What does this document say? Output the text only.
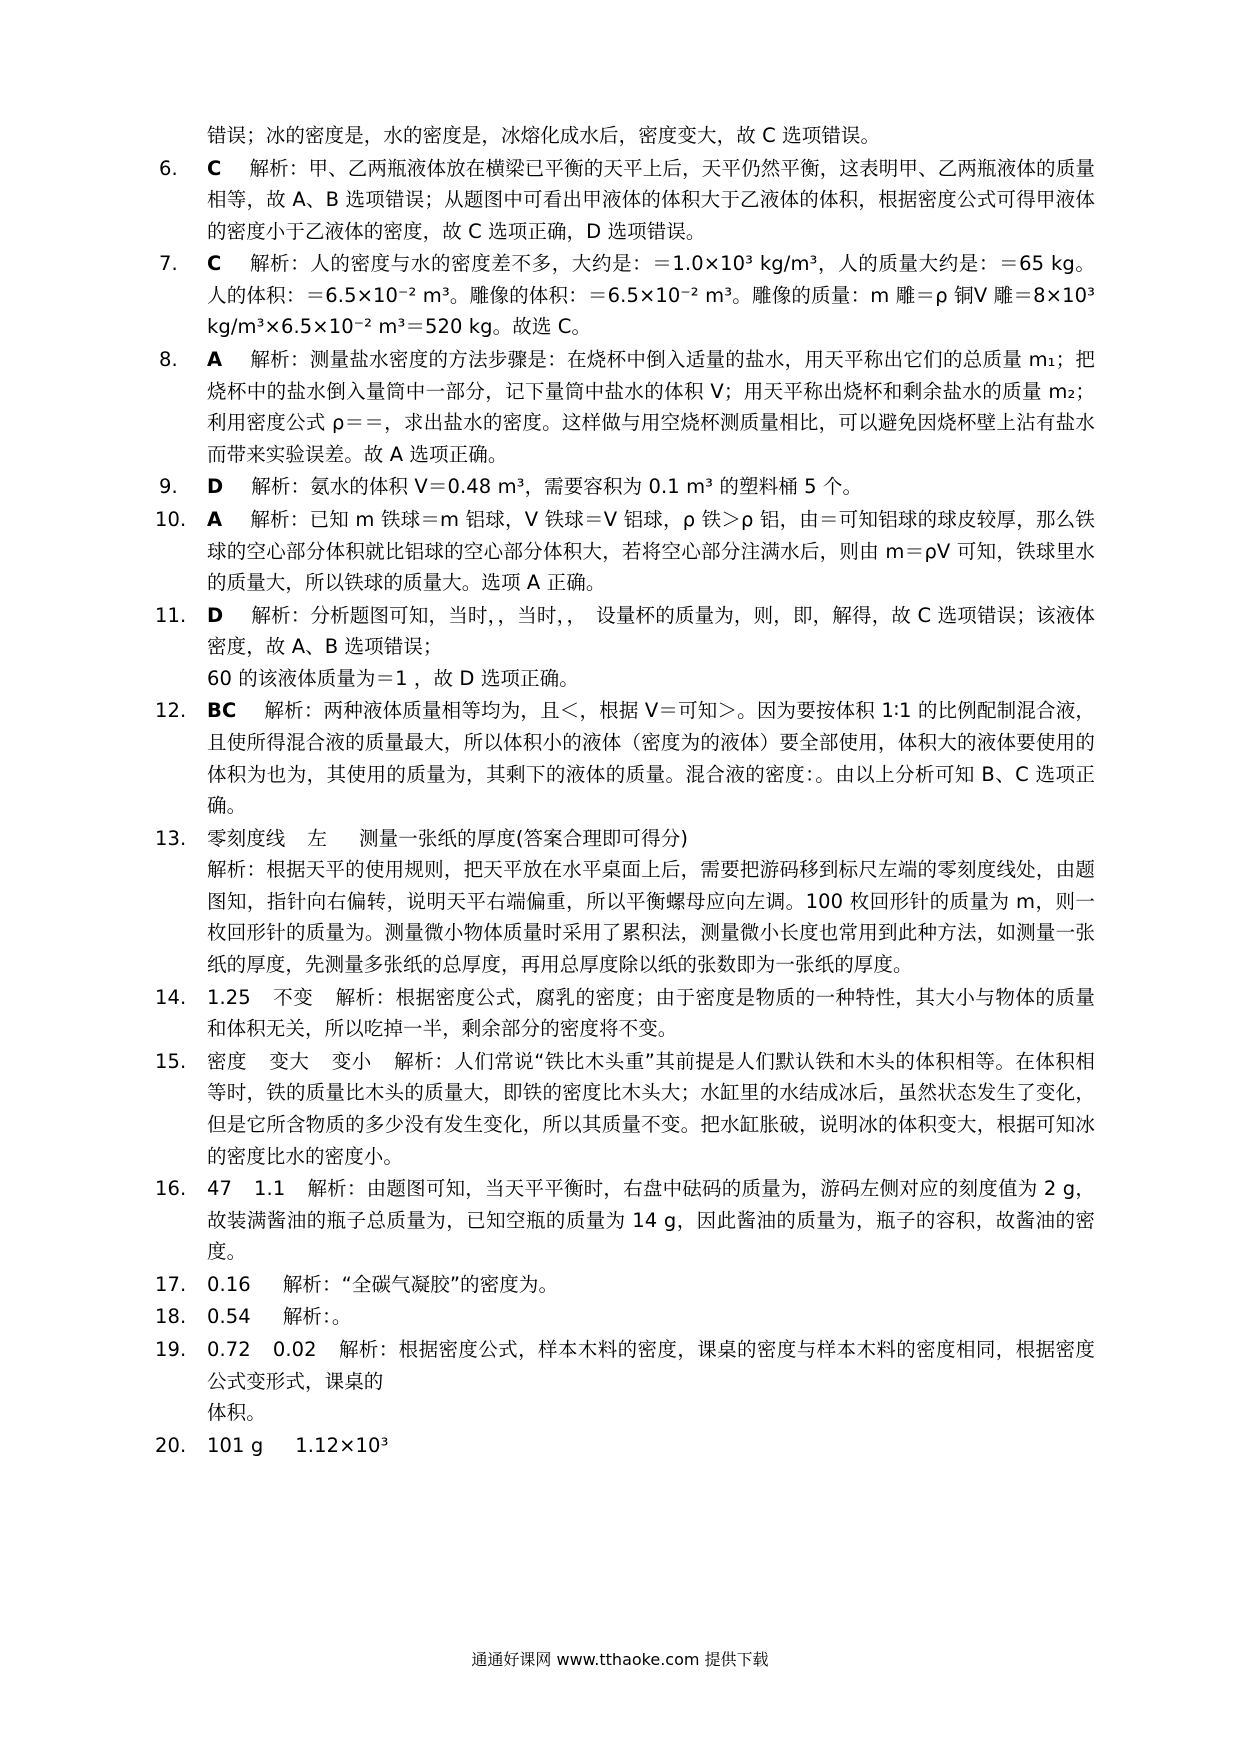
错误；冰的密度是，水的密度是，冰熔化成水后，密度变大，故 C 选项错误。
6.	C 解析：甲、乙两瓶液体放在横梁已平衡的天平上后，天平仍然平衡，这表明甲、乙两瓶液体的质量相等，故 A、B 选项错误；从题图中可看出甲液体的体积大于乙液体的体积，根据密度公式可得甲液体的密度小于乙液体的密度，故 C 选项正确，D 选项错误。
7.	C 解析：人的密度与水的密度差不多，大约是：＝1.0×10³ kg/m³，人的质量大约是：＝65 kg。人的体积：＝6.5×10⁻² m³。雕像的体积：＝6.5×10⁻² m³。雕像的质量：m 雕＝ρ 铜V 雕＝8×10³ kg/m³×6.5×10⁻² m³＝520 kg。故选 C。
8.	A 解析：测量盐水密度的方法步骤是：在烧杯中倒入适量的盐水，用天平称出它们的总质量 m₁；把烧杯中的盐水倒入量筒中一部分，记下量筒中盐水的体积 V；用天平称出烧杯和剩余盐水的质量 m₂；利用密度公式 ρ＝＝，求出盐水的密度。这样做与用空烧杯测质量相比，可以避免因烧杯壁上沾有盐水而带来实验误差。故 A 选项正确。
9.	D 解析：氨水的体积 V＝0.48 m³，需要容积为 0.1 m³ 的塑料桶 5 个。
10.	A 解析：已知 m 铁球＝m 铝球，V 铁球＝V 铝球，ρ 铁＞ρ 铝，由＝可知铝球的球皮较厚，那么铁球的空心部分体积就比铝球的空心部分体积大，若将空心部分注满水后，则由 m＝ρV 可知，铁球里水的质量大，所以铁球的质量大。选项 A 正确。
11.	D 解析：分析题图可知，当时，，当时，，　设量杯的质量为，则，即，解得，故 C 选项错误；该液体密度，故 A、B 选项错误；
60 的该液体质量为＝1 ，故 D 选项正确。
12.	BC 解析：两种液体质量相等均为，且＜，根据 V＝可知＞。因为要按体积 1∶1 的比例配制混合液，且使所得混合液的质量最大，所以体积小的液体（密度为的液体）要全部使用，体积大的液体要使用的体积为也为，其使用的质量为，其剩下的液体的质量。混合液的密度：。由以上分析可知 B、C 选项正确。
13.	零刻度线 左 测量一张纸的厚度(答案合理即可得分)
解析：根据天平的使用规则，把天平放在水平桌面上后，需要把游码移到标尺左端的零刻度线处，由题图知，指针向右偏转，说明天平右端偏重，所以平衡螺母应向左调。100 枚回形针的质量为 m，则一枚回形针的质量为。测量微小物体质量时采用了累积法，测量微小长度也常用到此种方法，如测量一张纸的厚度，先测量多张纸的总厚度，再用总厚度除以纸的张数即为一张纸的厚度。
14.	1.25 不变 解析：根据密度公式，腐乳的密度；由于密度是物质的一种特性，其大小与物体的质量和体积无关，所以吃掉一半，剩余部分的密度将不变。
15.	密度 变大 变小 解析：人们常说“铁比木头重”其前提是人们默认铁和木头的体积相等。在体积相等时，铁的质量比木头的质量大，即铁的密度比木头大；水缸里的水结成冰后，虽然状态发生了变化，但是它所含物质的多少没有发生变化，所以其质量不变。把水缸胀破，说明冰的体积变大，根据可知冰的密度比水的密度小。
16.	47 1.1 解析：由题图可知，当天平平衡时，右盘中砝码的质量为，游码左侧对应的刻度值为 2 g，故装满酱油的瓶子总质量为，已知空瓶的质量为 14 g，因此酱油的质量为，瓶子的容积，故酱油的密度。
17.	0.16 解析：“全碳气凝胶”的密度为。
18.	0.54 解析：。
19.	0.72 0.02 解析：根据密度公式，样本木料的密度，课桌的密度与样本木料的密度相同，根据密度公式变形式，课桌的
体积。
20.	101 g 1.12×10³
通通好课网 www.tthaoke.com 提供下载
